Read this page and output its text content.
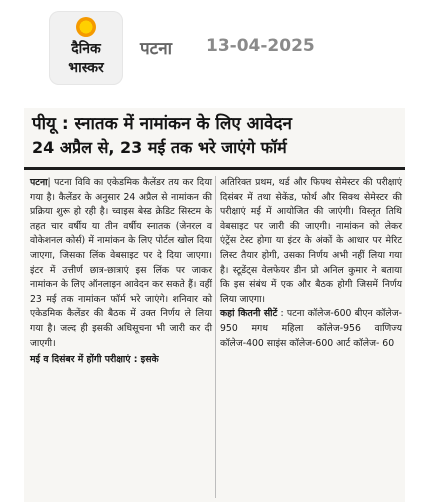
दैनिक
भास्कर
पटना 13-04-2025
पीयू : स्नातक में नामांकन के लिए आवेदन
24 अप्रैल से, 23 मई तक भरे जाएंगे फॉर्म

पटना| पटना विवि का एकेडमिक कैलेंडर तय कर दिया गया है। कैलेंडर के अनुसार 24 अप्रैल से नामांकन की प्रक्रिया शुरू हो रही है। च्वाइस बेस्ड क्रेडिट सिस्टम के तहत चार वर्षीय या तीन वर्षीय स्नातक (जेनरल व वोकेशनल कोर्स) में नामांकन के लिए पोर्टल खोल दिया जाएगा, जिसका लिंक वेबसाइट पर दे दिया जाएगा। इंटर में उत्तीर्ण छात्र-छात्राएं इस लिंक पर जाकर नामांकन के लिए ऑनलाइन आवेदन कर सकते हैं। वहीं 23 मई तक नामांकन फॉर्म भरे जाएंगे। शनिवार को एकेडमिक कैलेंडर की बैठक में उक्त निर्णय ले लिया गया है। जल्द ही इसकी अधिसूचना भी जारी कर दी जाएगी।

मई व दिसंबर में होंगी परीक्षाएं : इसके

अतिरिक्त प्रथम, थर्ड और फिफ्थ सेमेस्टर की परीक्षाएं दिसंबर में तथा सेकेंड, फोर्थ और सिक्थ सेमेस्टर की परीक्षाएं मई में आयोजित की जाएंगी। विस्तृत तिथि वेबसाइट पर जारी की जाएगी। नामांकन को लेकर एंट्रेंस टेस्ट होगा या इंटर के अंकों के आधार पर मेरिट लिस्ट तैयार होगी, उसका निर्णय अभी नहीं लिया गया है। स्टूडेंट्स वेलफेयर डीन प्रो अनिल कुमार ने बताया कि इस संबंध में एक और बैठक होगी जिसमें निर्णय लिया जाएगा।

कहां कितनी सीटें : पटना कॉलेज-600 बीएन कॉलेज- 950 मगध महिला कॉलेज-956 वाणिज्य कॉलेज-400 साइंस कॉलेज-600 आर्ट कॉलेज- 60
